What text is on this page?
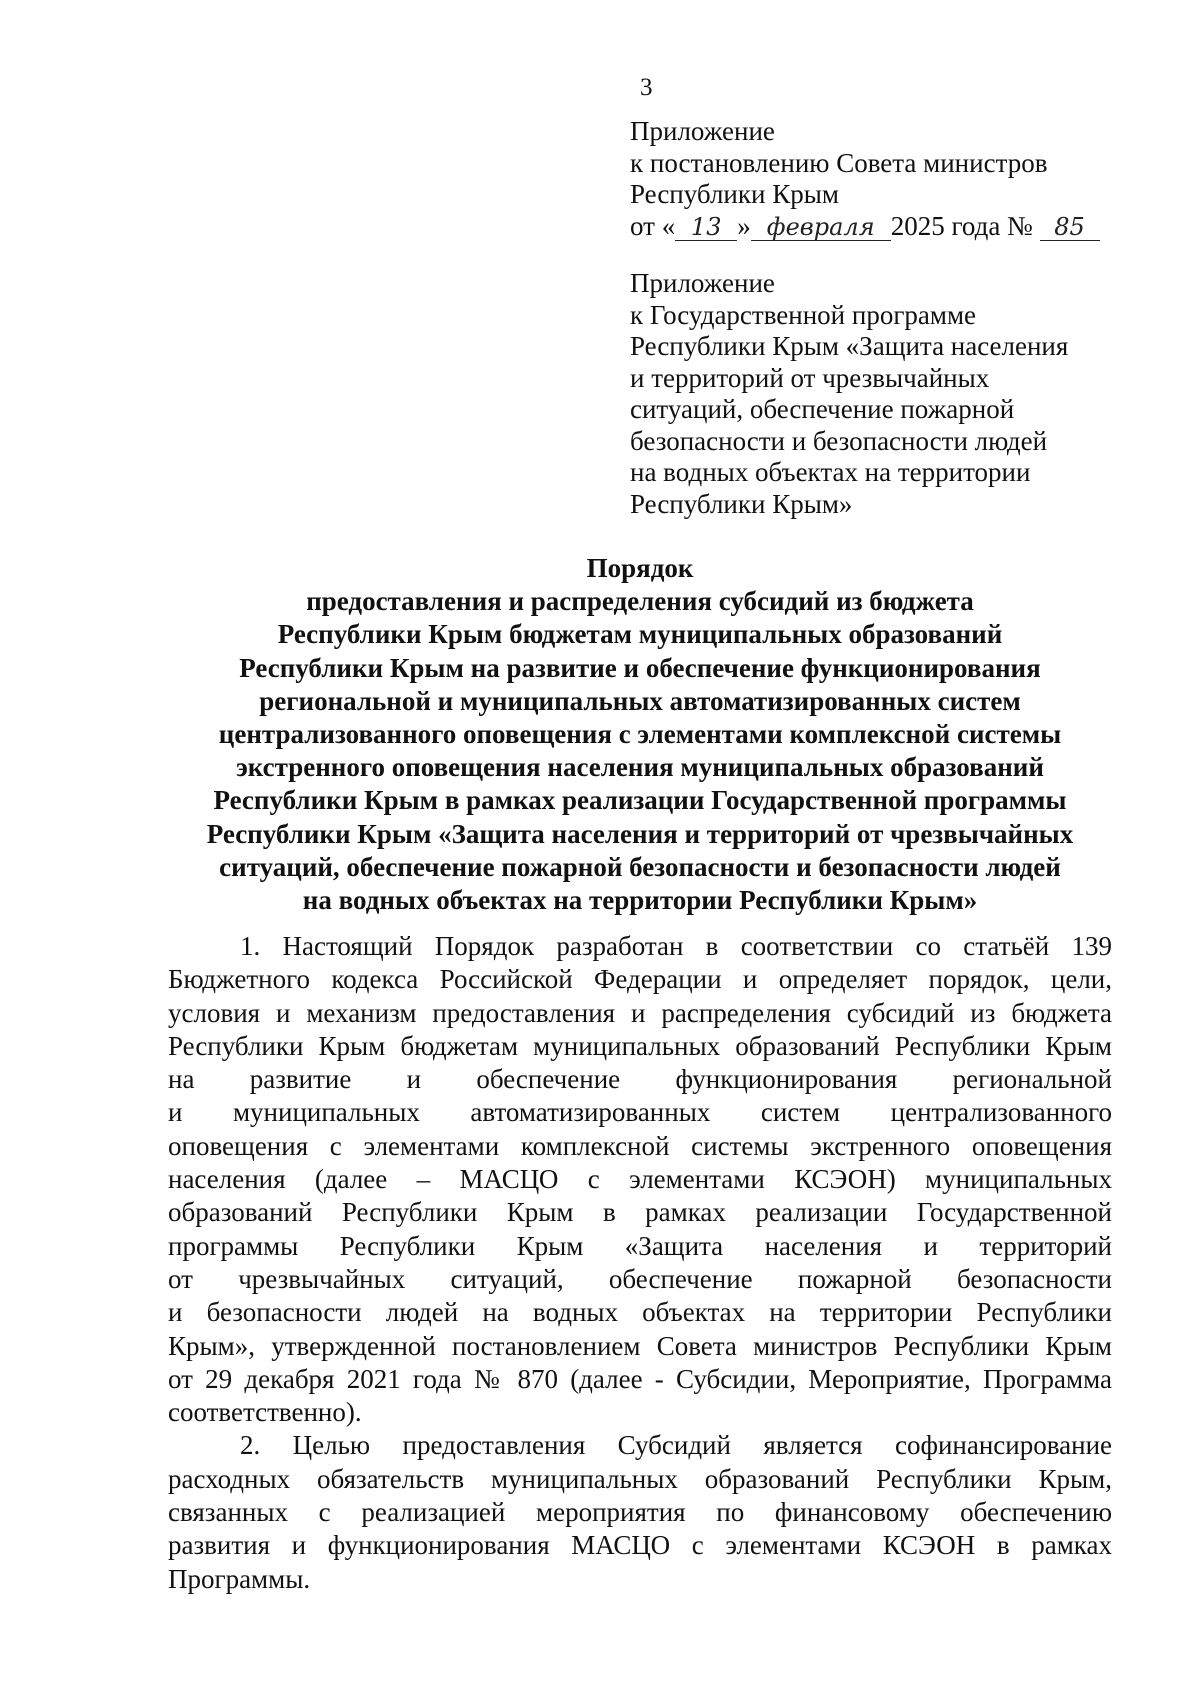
3
Приложение
к постановлению Совета министров
Республики Крым
от « 13 » февраля 2025 года № 85
Приложение
к Государственной программе
Республики Крым «Защита населения
и территорий от чрезвычайных
ситуаций, обеспечение пожарной
безопасности и безопасности людей
на водных объектах на территории
Республики Крым»
Порядок
предоставления и распределения субсидий из бюджета
Республики Крым бюджетам муниципальных образований
Республики Крым на развитие и обеспечение функционирования
региональной и муниципальных автоматизированных систем
централизованного оповещения с элементами комплексной системы
экстренного оповещения населения муниципальных образований
Республики Крым в рамках реализации Государственной программы
Республики Крым «Защита населения и территорий от чрезвычайных
ситуаций, обеспечение пожарной безопасности и безопасности людей
на водных объектах на территории Республики Крым»
1. Настоящий Порядок разработан в соответствии со статьёй 139
Бюджетного кодекса Российской Федерации и определяет порядок, цели,
условия и механизм предоставления и распределения субсидий из бюджета
Республики Крым бюджетам муниципальных образований Республики Крым
на развитие и обеспечение функционирования региональной
и муниципальных автоматизированных систем централизованного
оповещения с элементами комплексной системы экстренного оповещения
населения (далее – МАСЦО с элементами КСЭОН) муниципальных
образований Республики Крым в рамках реализации Государственной
программы Республики Крым «Защита населения и территорий
от чрезвычайных ситуаций, обеспечение пожарной безопасности
и безопасности людей на водных объектах на территории Республики
Крым», утвержденной постановлением Совета министров Республики Крым
от 29 декабря 2021 года № 870 (далее - Субсидии, Мероприятие, Программа
соответственно).
2. Целью предоставления Субсидий является софинансирование
расходных обязательств муниципальных образований Республики Крым,
связанных с реализацией мероприятия по финансовому обеспечению
развития и функционирования МАСЦО с элементами КСЭОН в рамках
Программы.
